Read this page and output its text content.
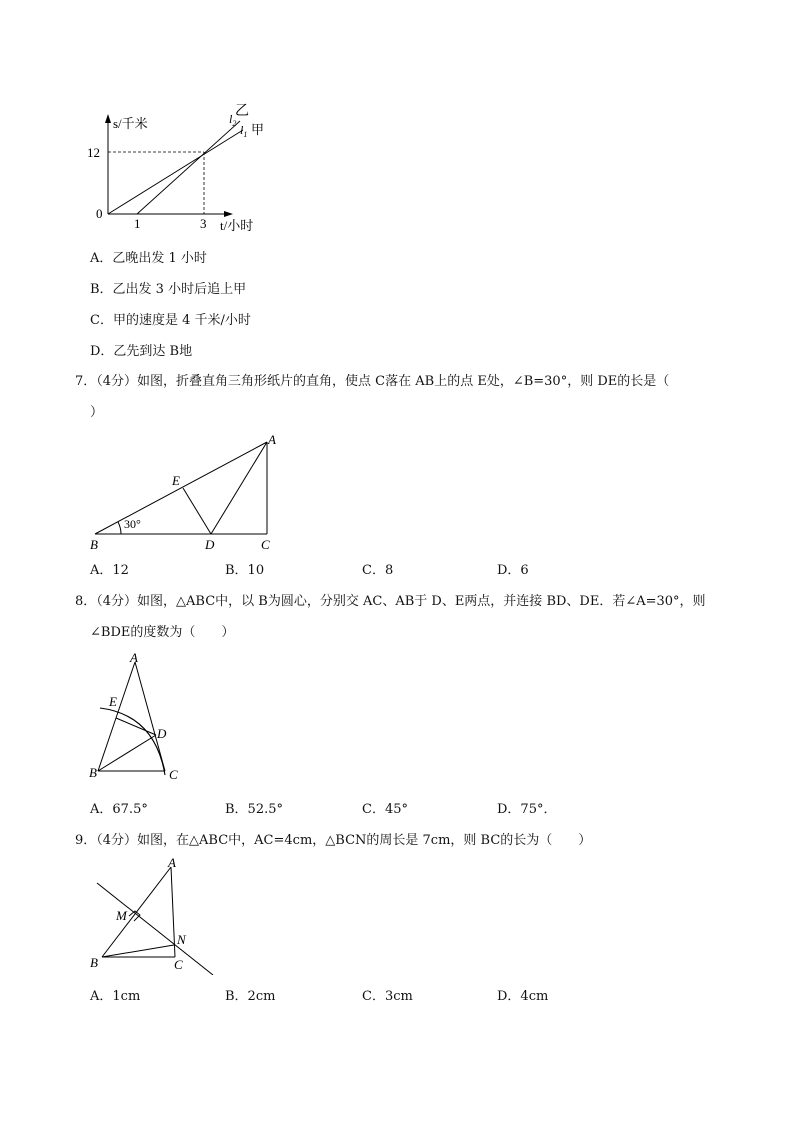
12
0
1	3
s/千米
t/小时
$l_2$
乙
$l_1$ 甲
A．乙晚出发 1 小时
B．乙出发 3 小时后追上甲
C．甲的速度是 4 千米/小时
D．乙先到达 B地
7．（4分）如图，折叠直角三角形纸片的直角，使点 C落在 AB上的点 E处，∠B=30°，则 DE的长是（
）
30°
A
B	C
D
E
A．12	B．10	C．8	D．6
8．（4分）如图，△ABC中，以 B为圆心，分别交 AC、AB于 D、E两点，并连接 BD、DE．若∠A=30°，则
∠BDE的度数为（　　）
A
B	C
D
E
A．67.5°	B．52.5°	C．45°	D．75°．
9．（4分）如图，在△ABC中，AC=4cm，△BCN的周长是 7cm，则 BC的长为（　　）
A
B	C
M
N
A．1cm	B．2cm	C．3cm	D．4cm
